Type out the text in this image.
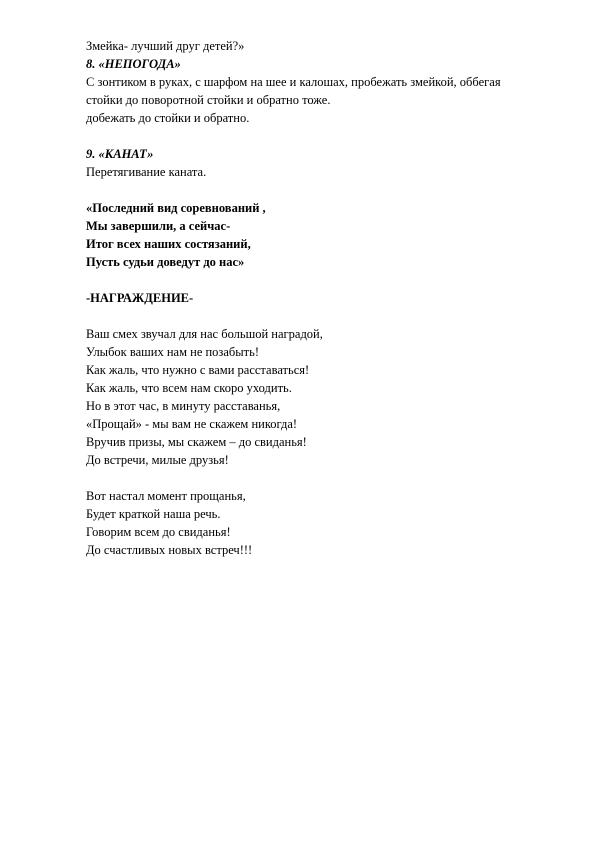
Змейка- лучший друг детей?»
8. «НЕПОГОДА»
С зонтиком в руках, с шарфом на шее и калошах, пробежать змейкой, оббегая
стойки до поворотной стойки и обратно тоже.
добежать до стойки и обратно.
9. «КАНАТ»
Перетягивание каната.
«Последний вид соревнований ,
Мы завершили, а сейчас-
Итог всех наших состязаний,
Пусть судьи доведут до нас»
-НАГРАЖДЕНИЕ-
Ваш смех звучал для нас большой наградой,
Улыбок ваших нам не позабыть!
Как жаль, что нужно с вами расставаться!
Как жаль, что всем нам скоро уходить.
Но в этот час, в минуту расставанья,
«Прощай» - мы вам не скажем никогда!
Вручив призы, мы скажем – до свиданья!
До встречи, милые друзья!
Вот настал момент прощанья,
Будет краткой наша речь.
Говорим всем до свиданья!
До счастливых новых встреч!!!
